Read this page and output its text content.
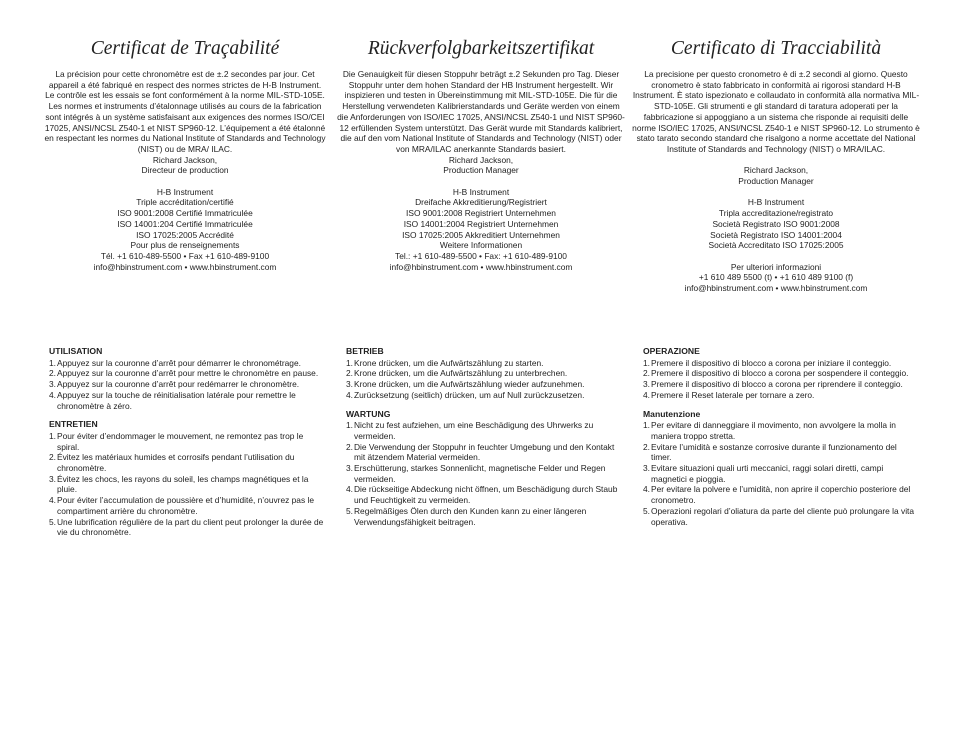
Certificat de Traçabilité

La précision pour cette chronomètre est de ±.2 secondes par jour. Cet appareil a été fabriqué en respect des normes strictes de H-B Instrument. Le contrôle est les essais se font conformément à la norme MIL-STD-105E. Les normes et instruments d’étalonnage utilisés au cours de la fabrication sont intégrés à un système satisfaisant aux exigences des normes ISO/CEI 17025, ANSI/NCSL Z540-1 et NIST SP960-12. L’équipement a été étalonné en respectant les normes du National Institute of Standards and Technology (NIST) ou de MRA/ ILAC.

Richard Jackson,

Directeur de production

H-B Instrument

Triple accréditation/certifié

ISO 9001:2008 Certifié Immatriculée

ISO 14001:204 Certifié Immatriculée

ISO 17025:2005 Accrédité

Pour plus de renseignements

Tél. +1 610-489-5500 • Fax +1 610-489-9100

info@hbinstrument.com • www.hbinstrument.com

Rückverfolgbarkeitszertifikat

Die Genauigkeit für diesen Stoppuhr beträgt ±.2 Sekunden pro Tag. Dieser Stoppuhr unter dem hohen Standard der HB Instrument hergestellt. Wir inspizieren und testen in Übereinstimmung mit MIL-STD-105E. Die für die Herstellung verwendeten Kalibrierstandards und Geräte werden von einem die Anforderungen von ISO/IEC 17025, ANSI/NCSL Z540-1 und NIST SP960-12 erfüllenden System unterstützt. Das Gerät wurde mit Standards kalibriert, die auf den vom National Institute of Standards and Technology (NIST) oder von MRA/ILAC anerkannte Standards basiert.

Richard Jackson,

Production Manager

H-B Instrument

Dreifache Akkreditierung/Registriert

ISO 9001:2008 Registriert Unternehmen

ISO 14001:2004 Registriert Unternehmen

ISO 17025:2005 Akkreditiert Unternehmen

Weitere Informationen

Tel.: +1 610-489-5500 • Fax: +1 610-489-9100

info@hbinstrument.com • www.hbinstrument.com

Certificato di Tracciabilità

La precisione per questo cronometro è di ±.2 secondi al giorno. Questo cronometro è stato fabbricato in conformità ai rigorosi standard H-B Instrument. È stato ispezionato e collaudato in conformità alla normativa MIL-STD-105E. Gli strumenti e gli standard di taratura adoperati per la fabbricazione si appoggiano a un sistema che risponde ai requisiti delle norme ISO/IEC 17025, ANSI/NCSL Z540-1 e NIST SP960-12. Lo strumento è stato tarato secondo standard che risalgono a norme accettate del National Institute of Standards and Technology (NIST) o MRA/ILAC.

Richard Jackson,

Production Manager

H-B Instrument

Tripla accreditazione/registrato

Società Registrato ISO 9001:2008

Società Registrato ISO 14001:2004

Società Accreditato ISO 17025:2005

Per ulteriori informazioni

+1 610 489 5500 (t) • +1 610 489 9100 (f)

info@hbinstrument.com • www.hbinstrument.com

UTILISATION
1. Appuyez sur la couronne d’arrêt pour démarrer le chronométrage.
2. Appuyez sur la couronne d’arrêt pour mettre le chronomètre en pause.
3. Appuyez sur la couronne d’arrêt pour redémarrer le chronomètre.
4. Appuyez sur la touche de réinitialisation latérale pour remettre le chronomètre à zéro.
ENTRETIEN
1. Pour éviter d’endommager le mouvement, ne remontez pas trop le spiral.
2. Évitez les matériaux humides et corrosifs pendant l’utilisation du chronomètre.
3. Évitez les chocs, les rayons du soleil, les champs magnétiques et la pluie.
4. Pour éviter l’accumulation de poussière et d’humidité, n’ouvrez pas le compartiment arrière du chronomètre.
5. Une lubrification régulière de la part du client peut prolonger la durée de vie du chronomètre.
BETRIEB
1. Krone drücken, um die Aufwärtszählung zu starten.
2. Krone drücken, um die Aufwärtszählung zu unterbrechen.
3. Krone drücken, um die Aufwärtszählung wieder aufzunehmen.
4. Zurücksetzung (seitlich) drücken, um auf Null zurückzusetzen.
WARTUNG
1. Nicht zu fest aufziehen, um eine Beschädigung des Uhrwerks zu vermeiden.
2. Die Verwendung der Stoppuhr in feuchter Umgebung und den Kontakt mit ätzendem Material vermeiden.
3. Erschütterung, starkes Sonnenlicht, magnetische Felder und Regen vermeiden.
4. Die rückseitige Abdeckung nicht öffnen, um Beschädigung durch Staub und Feuchtigkeit zu vermeiden.
5. Regelmäßiges Ölen durch den Kunden kann zu einer längeren Verwendungsfähigkeit beitragen.
OPERAZIONE
1. Premere il dispositivo di blocco a corona per iniziare il conteggio.
2. Premere il dispositivo di blocco a corona per sospendere il conteggio.
3. Premere il dispositivo di blocco a corona per riprendere il conteggio.
4. Premere il Reset laterale per tornare a zero.
Manutenzione
1. Per evitare di danneggiare il movimento, non avvolgere la molla in maniera troppo stretta.
2. Evitare l’umidità e sostanze corrosive durante il funzionamento del timer.
3. Evitare situazioni quali urti meccanici, raggi solari diretti, campi magnetici e pioggia.
4. Per evitare la polvere e l’umidità, non aprire il coperchio posteriore del cronometro.
5. Operazioni regolari d’oliatura da parte del cliente può prolungare la vita operativa.
